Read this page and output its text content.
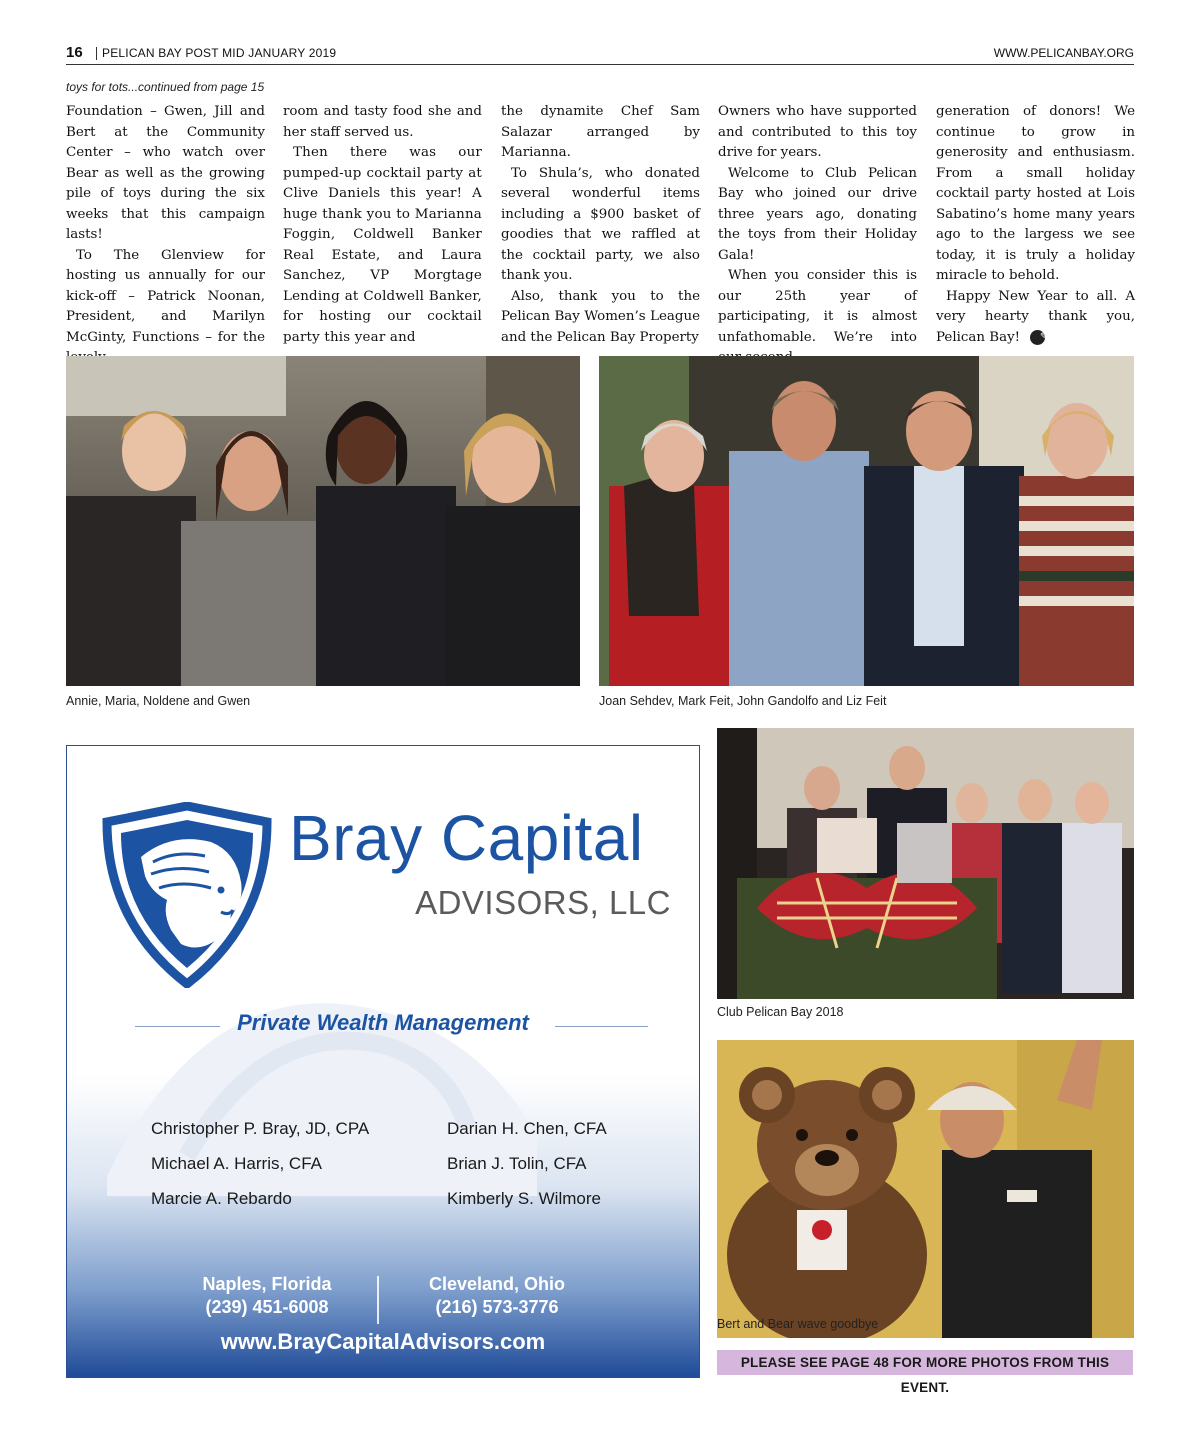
16 PELICAN BAY POST MID JANUARY 2019	WWW.PELICANBAY.ORG
toys for tots...continued from page 15

Foundation – Gwen, Jill and Bert at the Community Center – who watch over Bear as well as the growing pile of toys during the six weeks that this campaign lasts!

To The Glenview for hosting us annually for our kick-off – Patrick Noonan, President, and Marilyn McGinty, Functions – for the

room and tasty food she and her staff served us.

Then there was our pumped-up cocktail party at Clive Daniels this year! A huge thank you to Marianna Foggin, Coldwell Banker Real Estate, and Laura Sanchez, VP Morgtage Lending at Coldwell Banker, for hosting our cocktail party this year and

the dynamite Chef Sam Salazar arranged by Marianna.

To Shula’s, who donated several wonderful items including a $900 basket of goodies that we raffled at the cocktail party, we also thank you.

Also, thank you to the Pelican Bay Women’s League and the Pelican Bay Property

Owners who have supported and contributed to this toy drive for years.

Welcome to Club Pelican Bay who joined our drive three years ago, donating the toys from their Holiday Gala!

When you consider this is our 25th year of participating, it is almost unfathomable. We’re into

generation of donors! We continue to grow in generosity and enthusiasm. From a small holiday cocktail party hosted at Lois Sabatino’s home many years ago to the largess we see today, it is truly a holiday miracle to behold.

Happy New Year to all. A very hearty thank you, Pelican Bay! ✎

Annie, Maria, Noldene and Gwen	Joan Sehdev, Mark Feit, John Gandolfo and Liz Feit
Bray Capital
ADVISORS, LLC
Private Wealth Management
Christopher P. Bray, JD, CPA
Michael A. Harris, CFA
Marcie A. Rebardo
Darian H. Chen, CFA
Brian J. Tolin, CFA
Kimberly S. Wilmore
Naples, Florida
(239) 451-6008
Cleveland, Ohio
(216) 573-3776
www.BrayCapitalAdvisors.com
Club Pelican Bay 2018
Bert and Bear wave goodbye
PLEASE SEE PAGE 48 FOR MORE PHOTOS FROM THIS EVENT.
